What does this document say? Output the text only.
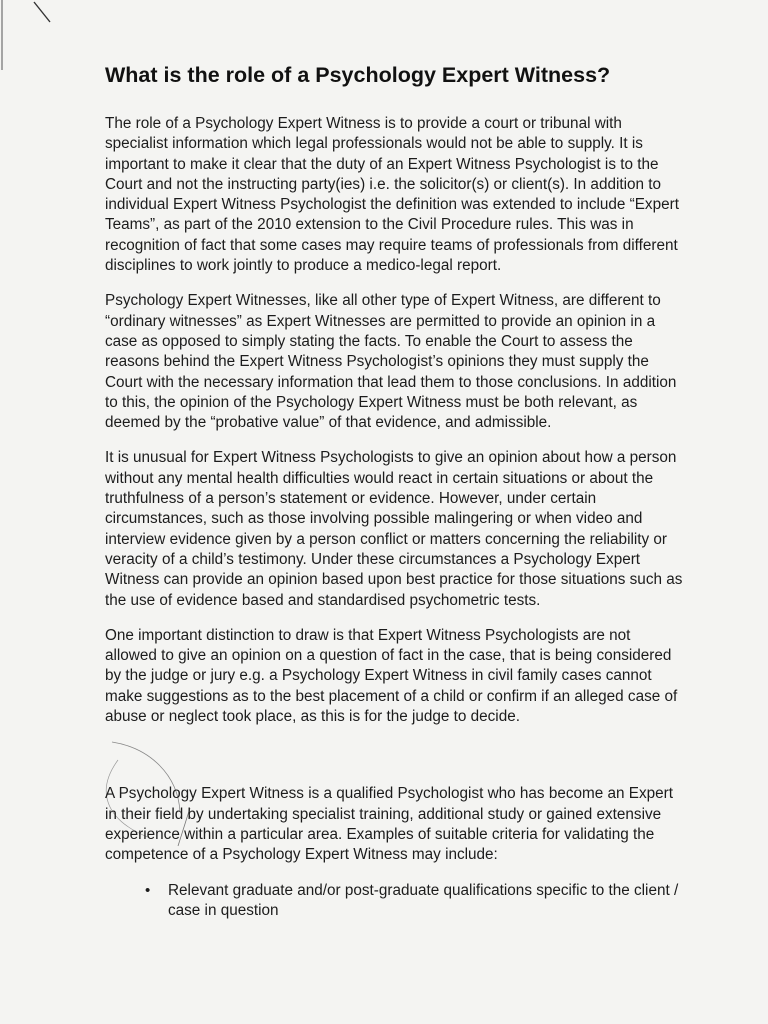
What is the role of a Psychology Expert Witness?

The role of a Psychology Expert Witness is to provide a court or tribunal with specialist information which legal professionals would not be able to supply. It is important to make it clear that the duty of an Expert Witness Psychologist is to the Court and not the instructing party(ies) i.e. the solicitor(s) or client(s). In addition to individual Expert Witness Psychologist the definition was extended to include “Expert Teams”, as part of the 2010 extension to the Civil Procedure rules. This was in recognition of fact that some cases may require teams of professionals from different disciplines to work jointly to produce a medico-legal report.

Psychology Expert Witnesses, like all other type of Expert Witness, are different to “ordinary witnesses” as Expert Witnesses are permitted to provide an opinion in a case as opposed to simply stating the facts. To enable the Court to assess the reasons behind the Expert Witness Psychologist’s opinions they must supply the Court with the necessary information that lead them to those conclusions. In addition to this, the opinion of the Psychology Expert Witness must be both relevant, as deemed by the “probative value” of that evidence, and admissible.

It is unusual for Expert Witness Psychologists to give an opinion about how a person without any mental health difficulties would react in certain situations or about the truthfulness of a person’s statement or evidence. However, under certain circumstances, such as those involving possible malingering or when video and interview evidence given by a person conflict or matters concerning the reliability or veracity of a child’s testimony. Under these circumstances a Psychology Expert Witness can provide an opinion based upon best practice for those situations such as the use of evidence based and standardised psychometric tests.

One important distinction to draw is that Expert Witness Psychologists are not allowed to give an opinion on a question of fact in the case, that is being considered by the judge or jury e.g. a Psychology Expert Witness in civil family cases cannot make suggestions as to the best placement of a child or confirm if an alleged case of abuse or neglect took place, as this is for the judge to decide.

A Psychology Expert Witness is a qualified Psychologist who has become an Expert in their field by undertaking specialist training, additional study or gained extensive experience within a particular area. Examples of suitable criteria for validating the competence of a Psychology Expert Witness may include:

• Relevant graduate and/or post-graduate qualifications specific to the client / case in question
